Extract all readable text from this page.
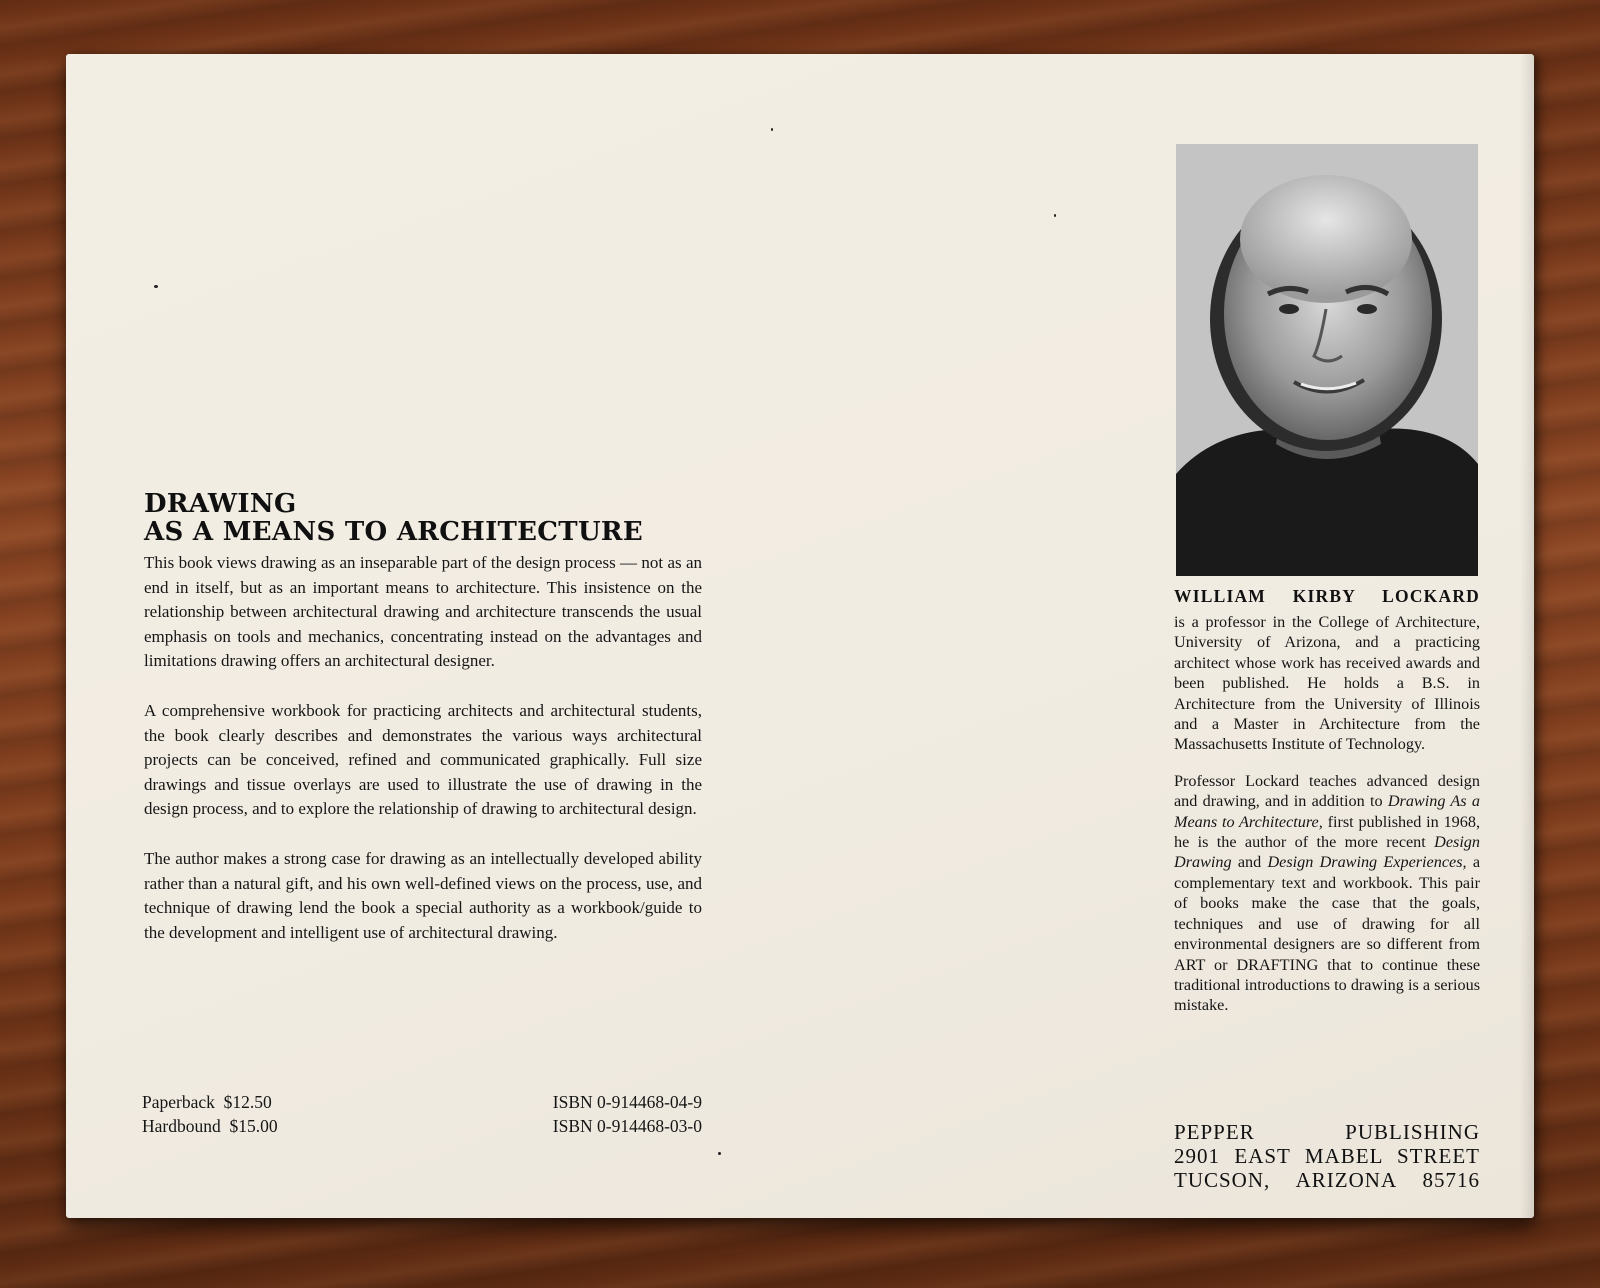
DRAWING
AS A MEANS TO ARCHITECTURE

This book views drawing as an inseparable part of the design process — not as an end in itself, but as an important means to architecture. This insistence on the relationship between architectural drawing and architecture transcends the usual emphasis on tools and mechanics, concentrating instead on the advantages and limitations drawing offers an architectural designer.

A comprehensive workbook for practicing architects and architectural students, the book clearly describes and demonstrates the various ways architectural projects can be conceived, refined and communicated graphically. Full size drawings and tissue overlays are used to illustrate the use of drawing in the design process, and to explore the relationship of drawing to architectural design.

The author makes a strong case for drawing as an intellectually developed ability rather than a natural gift, and his own well-defined views on the process, use, and technique of drawing lend the book a special authority as a workbook/guide to the development and intelligent use of architectural drawing.

Paperback $12.50	ISBN 0-914468-04-9
Hardbound $15.00	ISBN 0-914468-03-0
WILLIAM KIRBY LOCKARD

is a professor in the College of Architecture, University of Arizona, and a practicing architect whose work has received awards and been published. He holds a B.S. in Architecture from the University of Illinois and a Master in Architecture from the Massachusetts Institute of Technology.

Professor Lockard teaches advanced design and drawing, and in addition to Drawing As a Means to Architecture, first published in 1968, he is the author of the more recent Design Drawing and Design Drawing Experiences, a complementary text and workbook. This pair of books make the case that the goals, techniques and use of drawing for all environmental designers are so different from ART or DRAFTING that to continue these traditional introductions to drawing is a serious mistake.

PEPPER PUBLISHING
2901 EAST MABEL STREET
TUCSON, ARIZONA 85716
